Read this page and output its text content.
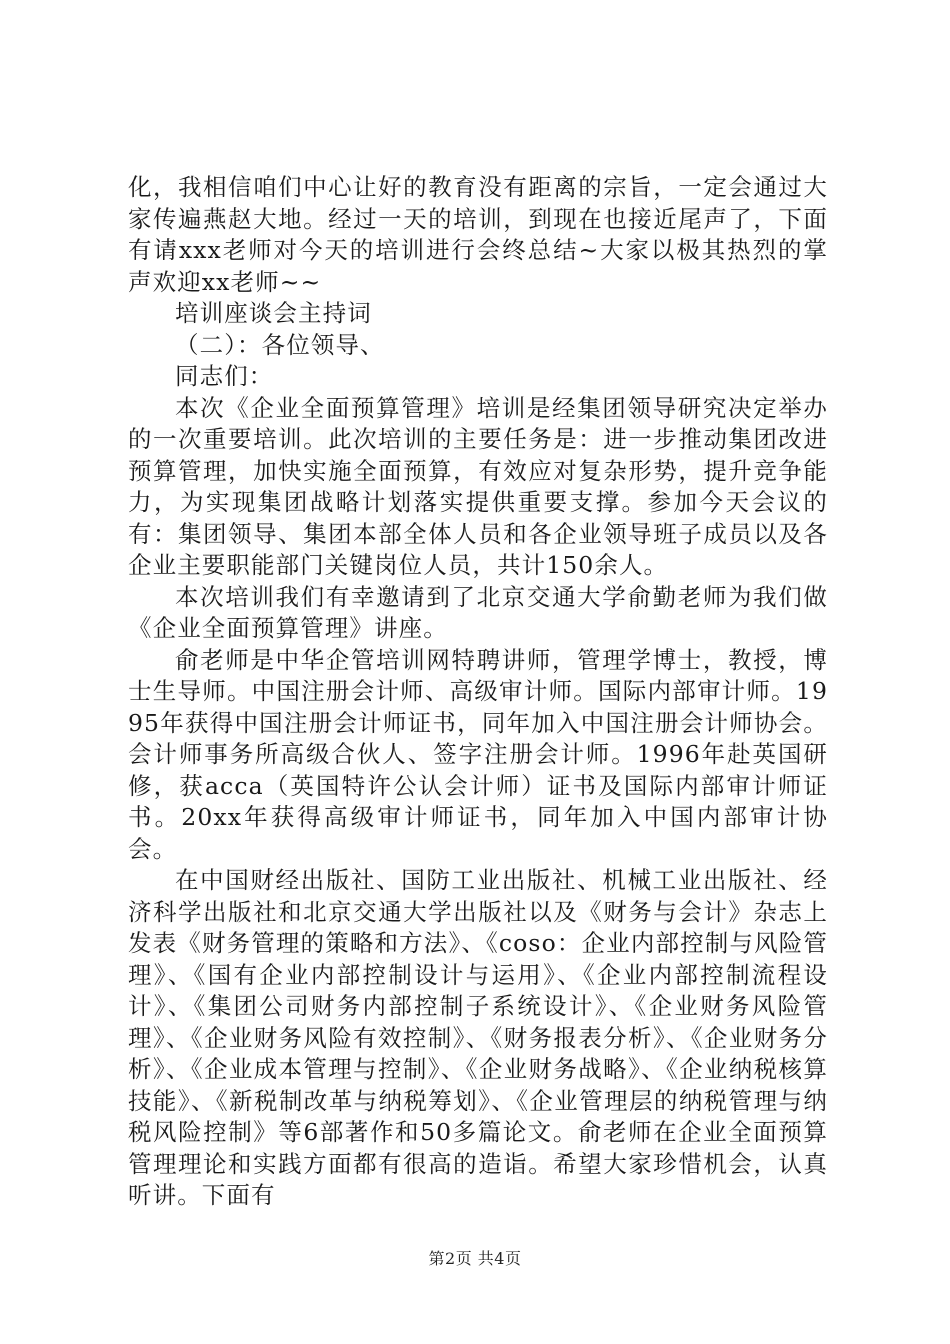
化，我相信咱们中心让好的教育没有距离的宗旨，一定会通过大家传遍燕赵大地。经过一天的培训，到现在也接近尾声了，下面有请xxx老师对今天的培训进行会终总结~大家以极其热烈的掌声欢迎xx老师~~

培训座谈会主持词

（二）：各位领导、

同志们：

本次《企业全面预算管理》培训是经集团领导研究决定举办的一次重要培训。此次培训的主要任务是：进一步推动集团改进预算管理，加快实施全面预算，有效应对复杂形势，提升竞争能力，为实现集团战略计划落实提供重要支撑。参加今天会议的有：集团领导、集团本部全体人员和各企业领导班子成员以及各企业主要职能部门关键岗位人员，共计150余人。

本次培训我们有幸邀请到了北京交通大学俞勤老师为我们做《企业全面预算管理》讲座。

俞老师是中华企管培训网特聘讲师，管理学博士，教授，博士生导师。中国注册会计师、高级审计师。国际内部审计师。1995年获得中国注册会计师证书，同年加入中国注册会计师协会。会计师事务所高级合伙人、签字注册会计师。1996年赴英国研修，获acca（英国特许公认会计师）证书及国际内部审计师证书。20xx年获得高级审计师证书，同年加入中国内部审计协会。

在中国财经出版社、国防工业出版社、机械工业出版社、经济科学出版社和北京交通大学出版社以及《财务与会计》杂志上发表《财务管理的策略和方法》、《coso：企业内部控制与风险管理》、《国有企业内部控制设计与运用》、《企业内部控制流程设计》、《集团公司财务内部控制子系统设计》、《企业财务风险管理》、《企业财务风险有效控制》、《财务报表分析》、《企业财务分析》、《企业成本管理与控制》、《企业财务战略》、《企业纳税核算技能》、《新税制改革与纳税筹划》、《企业管理层的纳税管理与纳税风险控制》等6部著作和50多篇论文。俞老师在企业全面预算管理理论和实践方面都有很高的造诣。希望大家珍惜机会，认真听讲。下面有

第2页 共4页
